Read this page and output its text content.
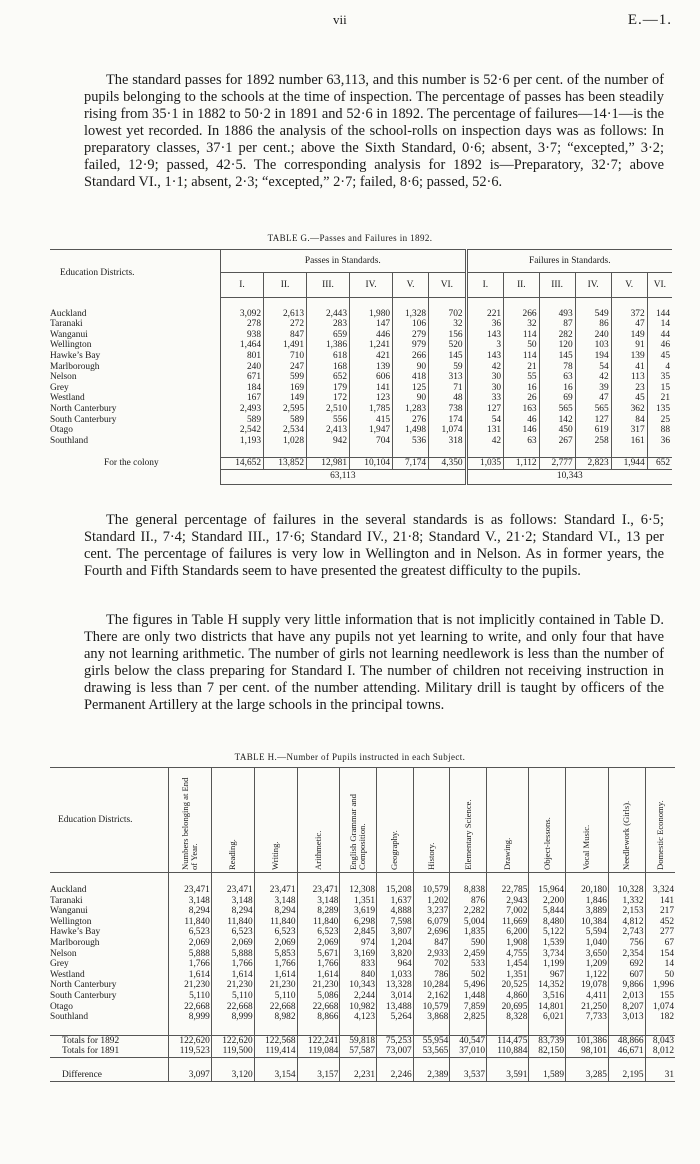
vii	E.—1.

The standard passes for 1892 number 63,113, and this number is 52·6 per cent. of the number of pupils belonging to the schools at the time of inspection. The percentage of passes has been steadily rising from 35·1 in 1882 to 50·2 in 1891 and 52·6 in 1892. The percentage of failures—14·1—is the lowest yet recorded. In 1886 the analysis of the school-rolls on inspection days was as follows: In preparatory classes, 37·1 per cent.; above the Sixth Standard, 0·6; absent, 3·7; “excepted,” 3·2; failed, 12·9; passed, 42·5. The corresponding analysis for 1892 is—Preparatory, 32·7; above Standard VI., 1·1; absent, 2·3; “excepted,” 2·7; failed, 8·6; passed, 52·6.

TABLE G.—Passes and Failures in 1892.
Education Districts.	Passes in Standards.						Failures in Standards.					
	I.	II.	III.	IV.	V.	VI.	I.	II.	III.	IV.	V.	VI.

Auckland	3,092	2,613	2,443	1,980	1,328	702	221	266	493	549	372	144
Taranaki	278	272	283	147	106	32	36	32	87	86	47	14
Wanganui	938	847	659	446	279	156	143	114	282	240	149	44
Wellington	1,464	1,491	1,386	1,241	979	520	3	50	120	103	91	46
Hawke’s Bay	801	710	618	421	266	145	143	114	145	194	139	45
Marlborough	240	247	168	139	90	59	42	21	78	54	41	4
Nelson	671	599	652	606	418	313	30	55	63	42	113	35
Grey	184	169	179	141	125	71	30	16	16	39	23	15
Westland	167	149	172	123	90	48	33	26	69	47	45	21
North Canterbury	2,493	2,595	2,510	1,785	1,283	738	127	163	565	565	362	135
South Canterbury	589	589	556	415	276	174	54	46	142	127	84	25
Otago	2,542	2,534	2,413	1,947	1,498	1,074	131	146	450	619	317	88
Southland	1,193	1,028	942	704	536	318	42	63	267	258	161	36

For the colony	14,652	13,852	12,981	10,104	7,174	4,350	1,035	1,112	2,777	2,823	1,944	652
	63,113						10,343					

The general percentage of failures in the several standards is as follows: Standard I., 6·5; Standard II., 7·4; Standard III., 17·6; Standard IV., 21·8; Standard V., 21·2; Standard VI., 13 per cent. The percentage of failures is very low in Wellington and in Nelson. As in former years, the Fourth and Fifth Standards seem to have presented the greatest difficulty to the pupils.

The figures in Table H supply very little information that is not implicitly contained in Table D. There are only two districts that have any pupils not yet learning to write, and only four that have any not learning arithmetic. The number of girls not learning needlework is less than the number of girls below the class preparing for Standard I. The number of children not receiving instruction in drawing is less than 7 per cent. of the number attending. Military drill is taught by officers of the Permanent Artillery at the large schools in the principal towns.

TABLE H.—Number of Pupils instructed in each Subject.
Education Districts.	Numbers belonging at End of Year.	Reading.	Writing.	Arithmetic.	English Grammar and Composition.	Geography.	History.	Elementary Science.	Drawing.	Object-lessons.	Vocal Music.	Needlework (Girls).	Domestic Economy.

Auckland	23,471	23,471	23,471	23,471	12,308	15,208	10,579	8,838	22,785	15,964	20,180	10,328	3,324
Taranaki	3,148	3,148	3,148	3,148	1,351	1,637	1,202	876	2,943	2,200	1,846	1,332	141
Wanganui	8,294	8,294	8,294	8,289	3,619	4,888	3,237	2,282	7,002	5,844	3,889	2,153	217
Wellington	11,840	11,840	11,840	11,840	6,298	7,598	6,079	5,004	11,669	8,480	10,384	4,812	452
Hawke’s Bay	6,523	6,523	6,523	6,523	2,845	3,807	2,696	1,835	6,200	5,122	5,594	2,743	277
Marlborough	2,069	2,069	2,069	2,069	974	1,204	847	590	1,908	1,539	1,040	756	67
Nelson	5,888	5,888	5,853	5,671	3,169	3,820	2,933	2,459	4,755	3,734	3,650	2,354	154
Grey	1,766	1,766	1,766	1,766	833	964	702	533	1,454	1,199	1,209	692	14
Westland	1,614	1,614	1,614	1,614	840	1,033	786	502	1,351	967	1,122	607	50
North Canterbury	21,230	21,230	21,230	21,230	10,343	13,328	10,284	5,496	20,525	14,352	19,078	9,866	1,996
South Canterbury	5,110	5,110	5,110	5,086	2,244	3,014	2,162	1,448	4,860	3,516	4,411	2,013	155
Otago	22,668	22,668	22,668	22,668	10,982	13,488	10,579	7,859	20,695	14,801	21,250	8,207	1,074
Southland	8,999	8,999	8,982	8,866	4,123	5,264	3,868	2,825	8,328	6,021	7,733	3,013	182

Totals for 1892	122,620	122,620	122,568	122,241	59,818	75,253	55,954	40,547	114,475	83,739	101,386	48,866	8,043
Totals for 1891	119,523	119,500	119,414	119,084	57,587	73,007	53,565	37,010	110,884	82,150	98,101	46,671	8,012

Difference	3,097	3,120	3,154	3,157	2,231	2,246	2,389	3,537	3,591	1,589	3,285	2,195	31
